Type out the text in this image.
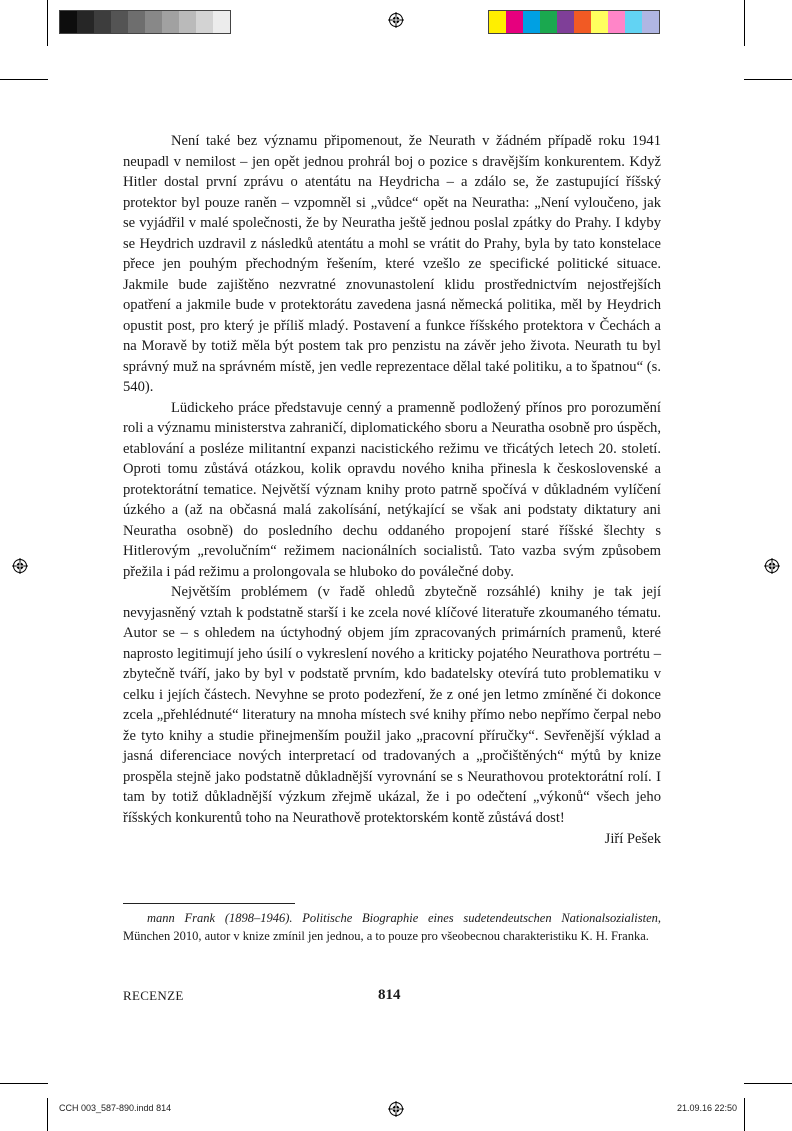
Není také bez významu připomenout, že Neurath v žádném případě roku 1941 neupadl v nemilost – jen opět jednou prohrál boj o pozice s dravějším konkurentem. Když Hitler dostal první zprávu o atentátu na Heydricha – a zdálo se, že zastupující říšský protektor byl pouze raněn – vzpomněl si „vůdce“ opět na Neuratha: „Není vyloučeno, jak se vyjádřil v malé společnosti, že by Neuratha ještě jednou poslal zpátky do Prahy. I kdyby se Heydrich uzdravil z následků atentátu a mohl se vrátit do Prahy, byla by tato konstelace přece jen pouhým přechodným řešením, které vzešlo ze specifické politické situace. Jakmile bude zajištěno nezvratné znovunastolení klidu prostřednictvím nejostřejších opatření a jakmile bude v protektorátu zavedena jasná německá politika, měl by Heydrich opustit post, pro který je příliš mladý. Postavení a funkce říšského protektora v Čechách a na Moravě by totiž měla být postem tak pro penzistu na závěr jeho života. Neurath tu byl správný muž na správném místě, jen vedle reprezentace dělal také politiku, a to špatnou“ (s. 540).

Lüdickeho práce představuje cenný a pramenně podložený přínos pro porozumění roli a významu ministerstva zahraničí, diplomatického sboru a Neuratha osobně pro úspěch, etablování a posléze militantní expanzi nacistického režimu ve třicátých letech 20. století. Oproti tomu zůstává otázkou, kolik opravdu nového kniha přinesla k československé a protektorátní tematice. Největší význam knihy proto patrně spočívá v důkladném vylíčení úzkého a (až na občasná malá zakolísání, netýkající se však ani podstaty diktatury ani Neuratha osobně) do posledního dechu oddaného propojení staré říšské šlechty s Hitlerovým „revolučním“ režimem nacionálních socialistů. Tato vazba svým způsobem přežila i pád režimu a prolongovala se hluboko do poválečné doby.

Největším problémem (v řadě ohledů zbytečně rozsáhlé) knihy je tak její nevyjasněný vztah k podstatně starší i ke zcela nové klíčové literatuře zkoumaného tématu. Autor se – s ohledem na úctyhodný objem jím zpracovaných primárních pramenů, které naprosto legitimují jeho úsilí o vykreslení nového a kriticky pojatého Neurathova portrétu – zbytečně tváří, jako by byl v podstatě prvním, kdo badatelsky otevírá tuto problematiku v celku i jejích částech. Nevyhne se proto podezření, že z oné jen letmo zmíněné či dokonce zcela „přehlédnuté“ literatury na mnoha místech své knihy přímo nebo nepřímo čerpal nebo že tyto knihy a studie přinejmenším použil jako „pracovní příručky“. Sevřenější výklad a jasná diferenciace nových interpretací od tradovaných a „pročištěných“ mýtů by knize prospěla stejně jako podstatně důkladnější vyrovnání se s Neurathovou protektorátní rolí. I tam by totiž důkladnější výzkum zřejmě ukázal, že i po odečtení „výkonů“ všech jeho říšských konkurentů toho na Neurathově protektorském kontě zůstává dost!

Jiří Pešek

mann Frank (1898–1946). Politische Biographie eines sudetendeutschen Nationalsozialisten, München 2010, autor v knize zmínil jen jednou, a to pouze pro všeobecnou charakteristiku K. H. Franka.

RECENZE	814
CCH 003_587-890.indd 814	21.09.16 22:50
